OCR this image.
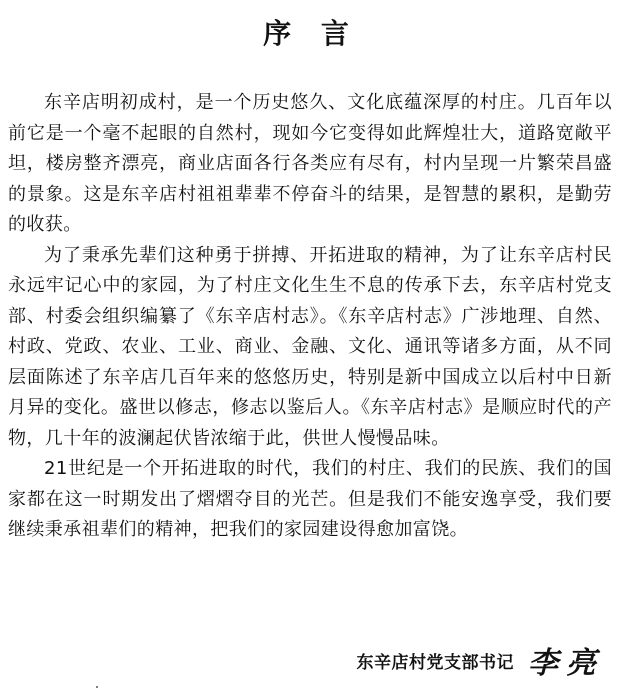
序 言

东辛店明初成村，是一个历史悠久、文化底蕴深厚的村庄。几百年以前它是一个毫不起眼的自然村，现如今它变得如此辉煌壮大，道路宽敞平坦，楼房整齐漂亮，商业店面各行各类应有尽有，村内呈现一片繁荣昌盛的景象。这是东辛店村祖祖辈辈不停奋斗的结果，是智慧的累积，是勤劳的收获。

为了秉承先辈们这种勇于拼搏、开拓进取的精神，为了让东辛店村民永远牢记心中的家园，为了村庄文化生生不息的传承下去，东辛店村党支部、村委会组织编纂了《东辛店村志》。《东辛店村志》广涉地理、自然、村政、党政、农业、工业、商业、金融、文化、通讯等诸多方面，从不同层面陈述了东辛店几百年来的悠悠历史，特别是新中国成立以后村中日新月异的变化。盛世以修志，修志以鉴后人。《东辛店村志》是顺应时代的产物，几十年的波澜起伏皆浓缩于此，供世人慢慢品味。

21世纪是一个开拓进取的时代，我们的村庄、我们的民族、我们的国家都在这一时期发出了熠熠夺目的光芒。但是我们不能安逸享受，我们要继续秉承祖辈们的精神，把我们的家园建设得愈加富饶。

东辛店村党支部书记 李亮
